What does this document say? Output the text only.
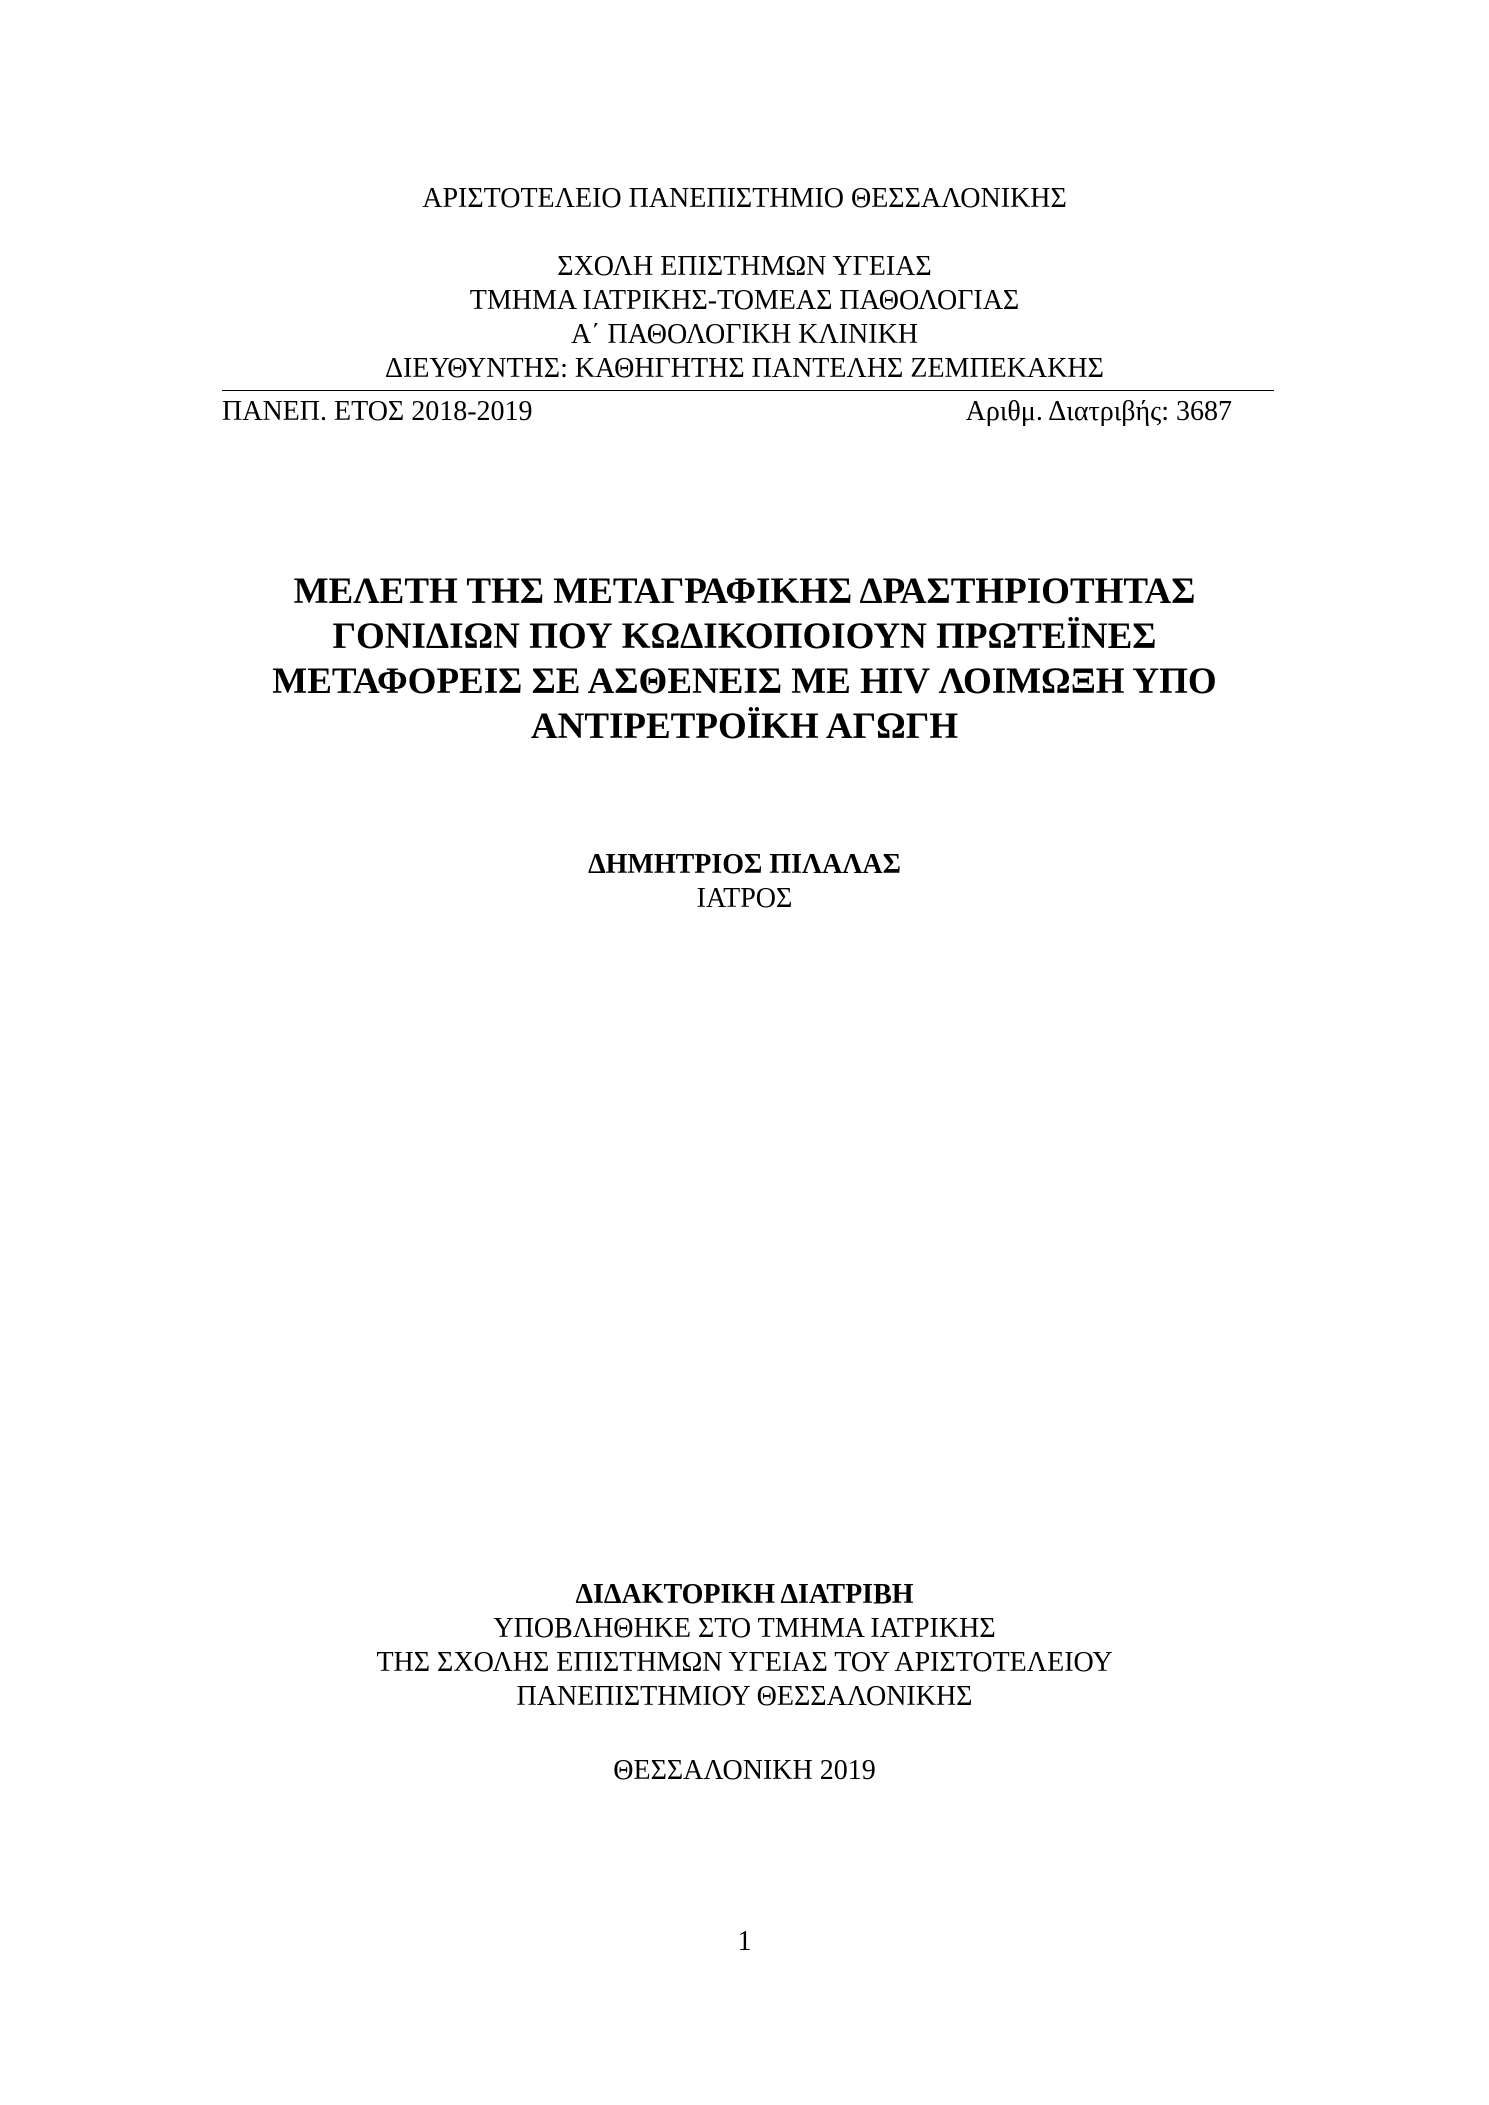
ΑΡΙΣΤΟΤΕΛΕΙΟ ΠΑΝΕΠΙΣΤΗΜΙΟ ΘΕΣΣΑΛΟΝΙΚΗΣ
ΣΧΟΛΗ ΕΠΙΣΤΗΜΩΝ ΥΓΕΙΑΣ
ΤΜΗΜΑ ΙΑΤΡΙΚΗΣ-ΤΟΜΕΑΣ ΠΑΘΟΛΟΓΙΑΣ
Α΄ ΠΑΘΟΛΟΓΙΚΗ ΚΛΙΝΙΚΗ
ΔΙΕΥΘΥΝΤΗΣ: ΚΑΘΗΓΗΤΗΣ ΠΑΝΤΕΛΗΣ ΖΕΜΠΕΚΑΚΗΣ
ΠΑΝΕΠ. ΕΤΟΣ 2018-2019	Αριθμ. Διατριβής: 3687
ΜΕΛΕΤΗ ΤΗΣ ΜΕΤΑΓΡΑΦΙΚΗΣ ΔΡΑΣΤΗΡΙΟΤΗΤΑΣ
ΓΟΝΙΔΙΩΝ ΠΟΥ ΚΩΔΙΚΟΠΟΙΟΥΝ ΠΡΩΤΕΪΝΕΣ
ΜΕΤΑΦΟΡΕΙΣ ΣΕ ΑΣΘΕΝΕΙΣ ΜΕ HIV ΛΟΙΜΩΞΗ ΥΠΟ
ΑΝΤΙΡΕΤΡΟΪΚΗ ΑΓΩΓΗ
ΔΗΜΗΤΡΙΟΣ ΠΙΛΑΛΑΣ
ΙΑΤΡΟΣ
ΔΙΔΑΚΤΟΡΙΚΗ ΔΙΑΤΡΙΒΗ
ΥΠΟΒΛΗΘΗΚΕ ΣΤΟ ΤΜΗΜΑ ΙΑΤΡΙΚΗΣ
ΤΗΣ ΣΧΟΛΗΣ ΕΠΙΣΤΗΜΩΝ ΥΓΕΙΑΣ ΤΟΥ ΑΡΙΣΤΟΤΕΛΕΙΟΥ
ΠΑΝΕΠΙΣΤΗΜΙΟΥ ΘΕΣΣΑΛΟΝΙΚΗΣ
ΘΕΣΣΑΛΟΝΙΚΗ 2019
1
